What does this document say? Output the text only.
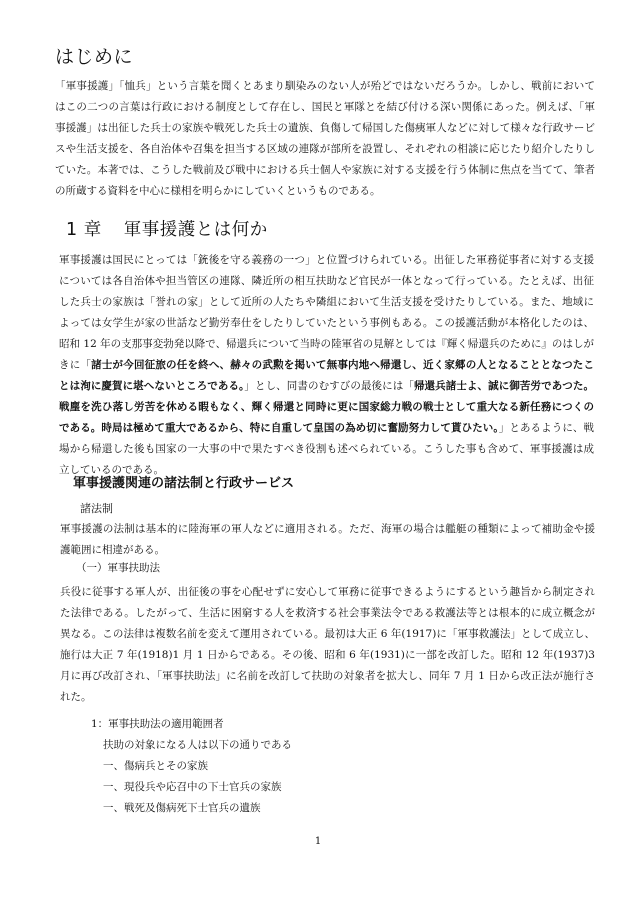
はじめに

「軍事援護」「恤兵」という言葉を聞くとあまり馴染みのない人が殆どではないだろうか。しかし、戦前においてはこの二つの言葉は行政における制度として存在し、国民と軍隊とを結び付ける深い関係にあった。例えば、「軍事援護」は出征した兵士の家族や戦死した兵士の遺族、負傷して帰国した傷痍軍人などに対して様々な行政サービスや生活支援を、各自治体や召集を担当する区域の連隊が部所を設置し、それぞれの相談に応じたり紹介したりしていた。本著では、こうした戦前及び戦中における兵士個人や家族に対する支援を行う体制に焦点を当てて、筆者の所蔵する資料を中心に様相を明らかにしていくというものである。

1 章 軍事援護とは何か

軍事援護は国民にとっては「銃後を守る義務の一つ」と位置づけられている。出征した軍務従事者に対する支援については各自治体や担当管区の連隊、隣近所の相互扶助など官民が一体となって行っている。たとえば、出征した兵士の家族は「誉れの家」として近所の人たちや隣組において生活支援を受けたりしている。また、地域によっては女学生が家の世話など勤労奉仕をしたりしていたという事例もある。この援護活動が本格化したのは、昭和 12 年の支那事変勃発以降で、帰還兵について当時の陸軍省の見解としては『輝く帰還兵のために』のはしがきに「諸士が今回征旅の任を終へ、赫々の武勲を掲いて無事内地へ帰還し、近く家郷の人となることとなつたことは洵に慶賀に堪へないところである。」とし、同書のむすびの最後には「帰還兵諸士よ、誠に御苦労であつた。戦塵を洗ひ落し労苦を休める暇もなく、輝く帰還と同時に更に国家総力戦の戦士として重大なる新任務につくのである。時局は極めて重大であるから、特に自重して皇国の為め切に奮励努力して貰ひたい。」とあるように、戦場から帰還した後も国家の一大事の中で果たすべき役割も述べられている。こうした事も含めて、軍事援護は成立しているのである。

軍事援護関連の諸法制と行政サービス
諸法制

軍事援護の法制は基本的に陸海軍の軍人などに適用される。ただ、海軍の場合は艦艇の種類によって補助金や援護範囲に相違がある。

（一）軍事扶助法

兵役に従事する軍人が、出征後の事を心配せずに安心して軍務に従事できるようにするという趣旨から制定された法律である。したがって、生活に困窮する人を救済する社会事業法令である救護法等とは根本的に成立概念が異なる。この法律は複数名前を変えて運用されている。最初は大正 6 年(1917)に「軍事救護法」として成立し、施行は大正 7 年(1918)1 月 1 日からである。その後、昭和 6 年(1931)に一部を改訂した。昭和 12 年(1937)3 月に再び改訂され、「軍事扶助法」に名前を改訂して扶助の対象者を拡大し、同年 7 月 1 日から改正法が施行された。

1：軍事扶助法の適用範囲者
扶助の対象になる人は以下の通りである
一、傷病兵とその家族
一、現役兵や応召中の下士官兵の家族
一、戦死及傷病死下士官兵の遺族
1
